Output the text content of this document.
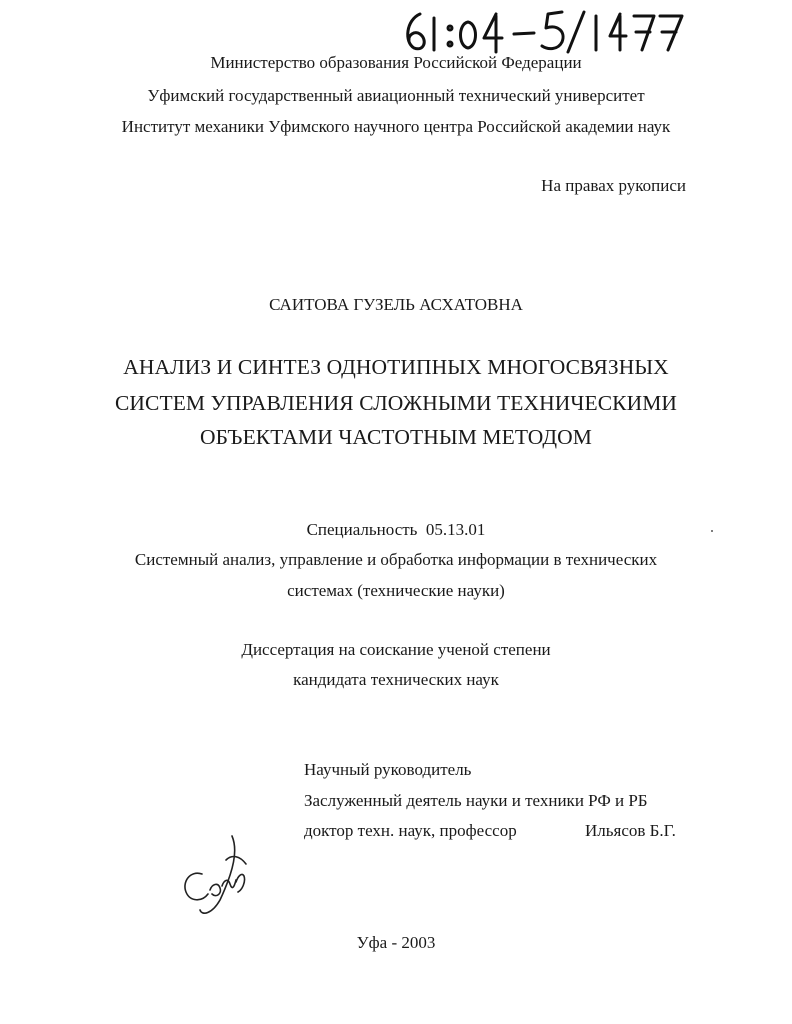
Министерство образования Российской Федерации
Уфимский государственный авиационный технический университет
Институт механики Уфимского научного центра Российской академии наук
На правах рукописи
САИТОВА ГУЗЕЛЬ АСХАТОВНА
АНАЛИЗ И СИНТЕЗ ОДНОТИПНЫХ МНОГОСВЯЗНЫХ
СИСТЕМ УПРАВЛЕНИЯ СЛОЖНЫМИ ТЕХНИЧЕСКИМИ
ОБЪЕКТАМИ ЧАСТОТНЫМ МЕТОДОМ
Специальность 05.13.01
Системный анализ, управление и обработка информации в технических
системах (технические науки)
Диссертация на соискание ученой степени
кандидата технических наук
Научный руководитель
Заслуженный деятель науки и техники РФ и РБ
доктор техн. наук, профессор	Ильясов Б.Г.
Уфа - 2003
